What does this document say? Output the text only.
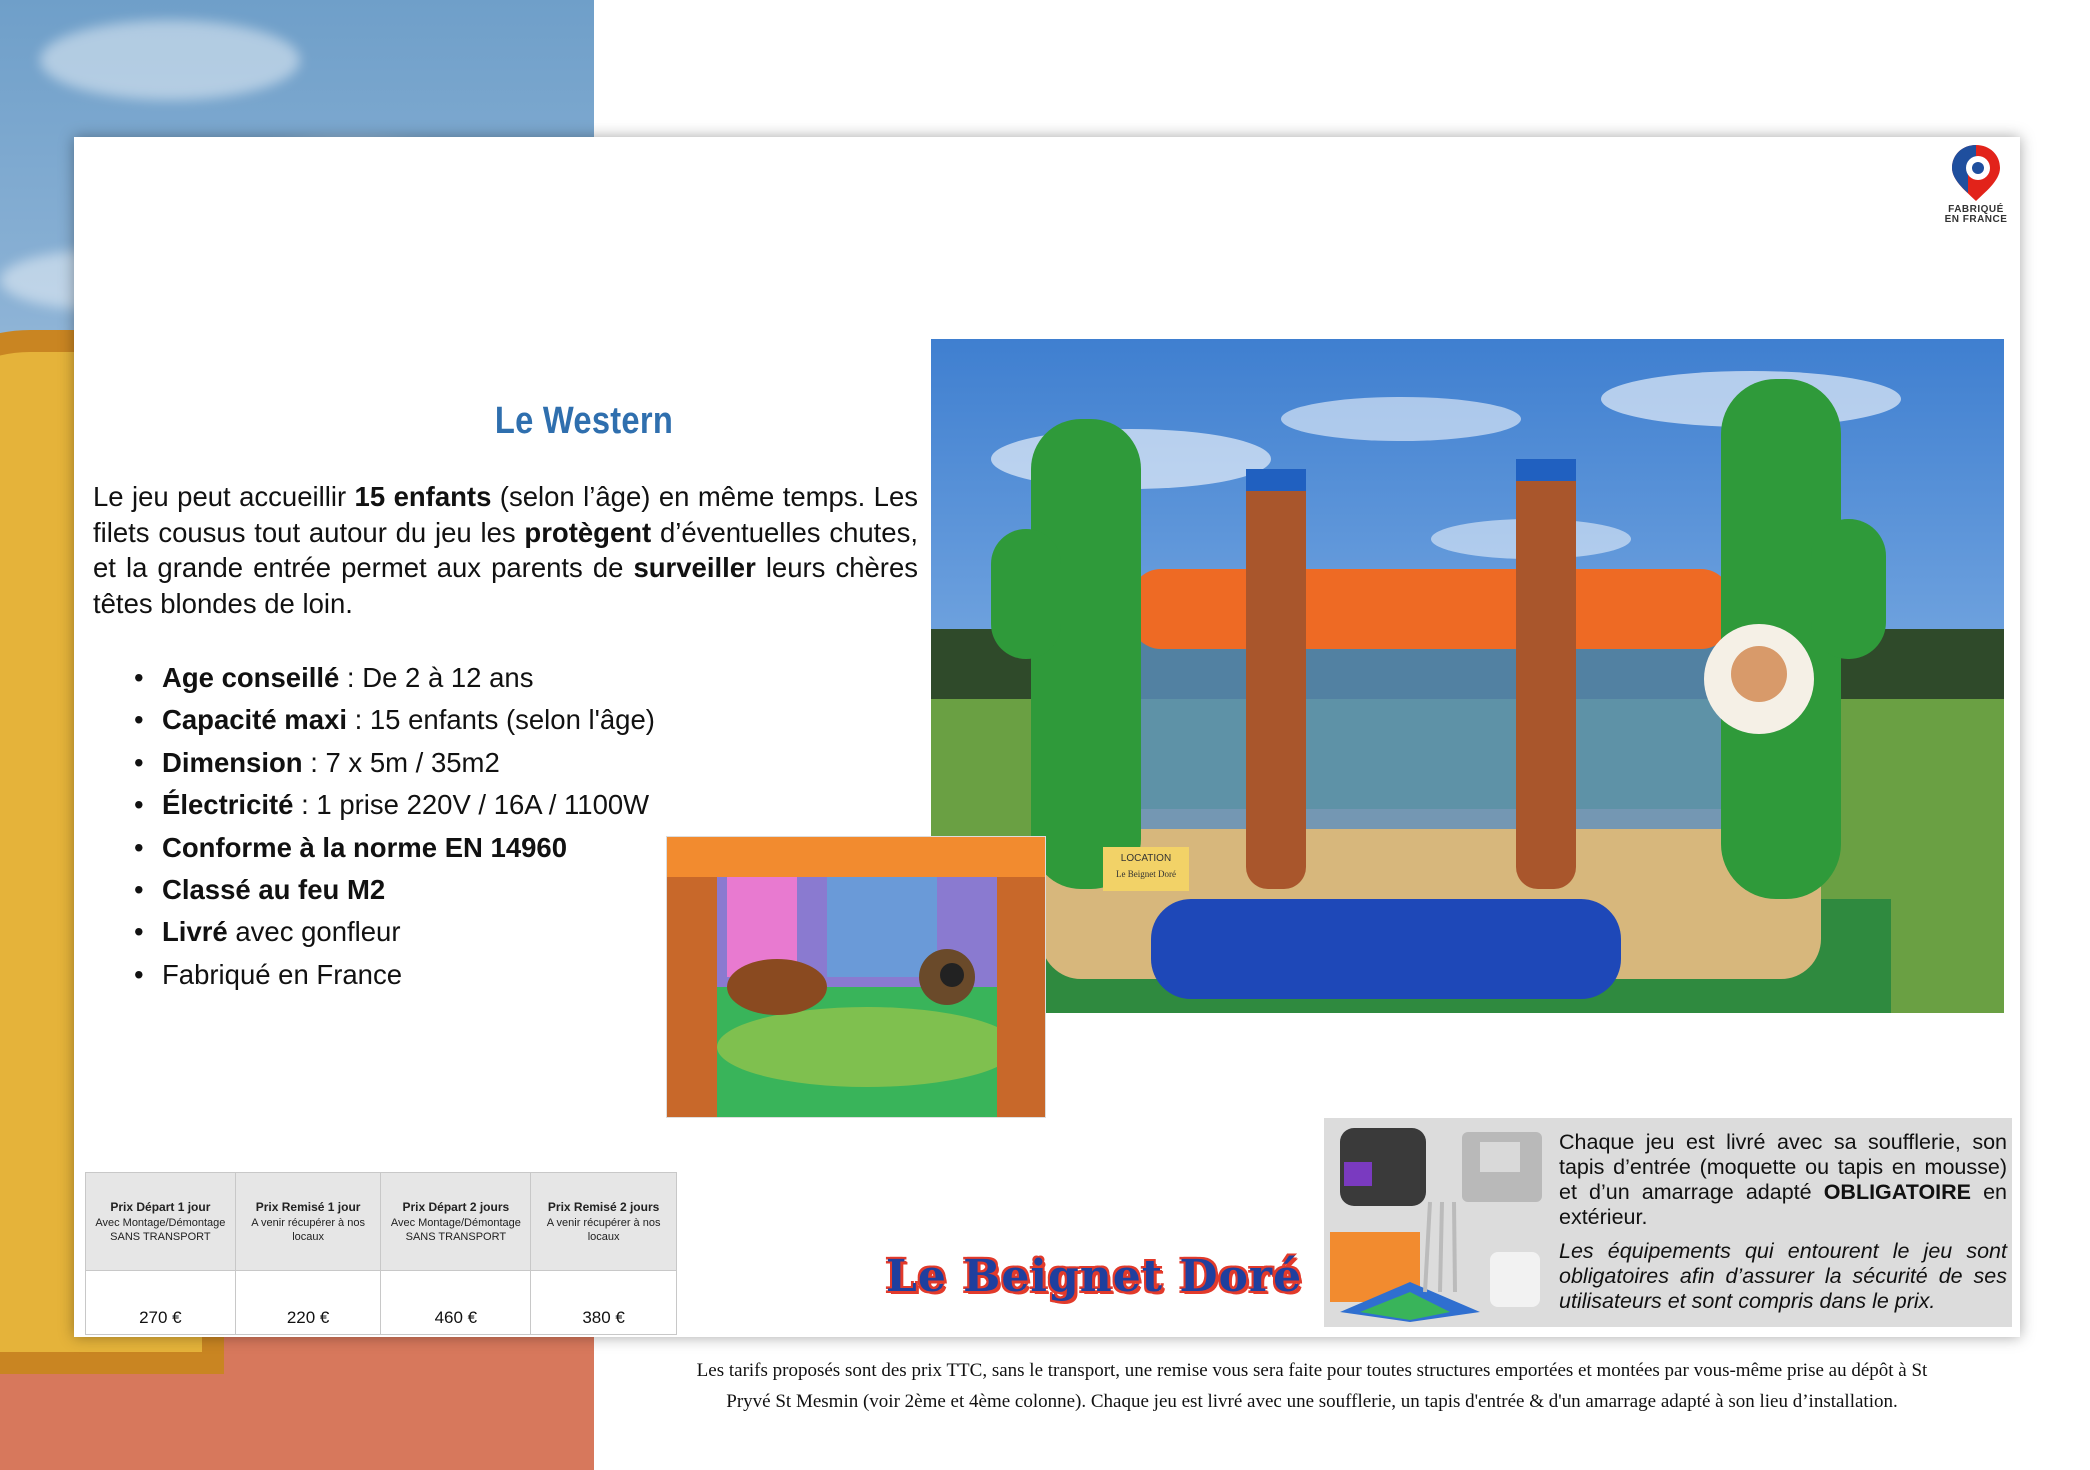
FABRIQUÉ
EN FRANCE
Le Western
Le jeu peut accueillir 15 enfants (selon l’âge) en même temps. Les filets cousus tout autour du jeu les protègent d’éventuelles chutes, et la grande entrée permet aux parents de surveiller leurs chères têtes blondes de loin.
• Age conseillé : De 2 à 12 ans
• Capacité maxi : 15 enfants (selon l'âge)
• Dimension : 7 x 5m / 35m2
• Électricité : 1 prise 220V / 16A / 1100W
• Conforme à la norme EN 14960
• Classé au feu M2
• Livré avec gonfleur
• Fabriqué en France
LOCATION
Le Beignet Doré
Prix Départ 1 jour
Avec Montage/Démontage
SANS TRANSPORT	Prix Remisé 1 jour
A venir récupérer à nos locaux	Prix Départ 2 jours
Avec Montage/Démontage
SANS TRANSPORT	Prix Remisé 2 jours
A venir récupérer à nos locaux

270 €	220 €	460 €	380 €
Le Beignet Doré
Chaque jeu est livré avec sa soufflerie, son tapis d’entrée (moquette ou tapis en mousse) et d’un amarrage adapté OBLIGATOIRE en extérieur.
Les équipements qui entourent le jeu sont obligatoires afin d’assurer la sécurité de ses utilisateurs et sont compris dans le prix.
Les tarifs proposés sont des prix TTC, sans le transport, une remise vous sera faite pour toutes structures emportées et montées par vous-même prise au dépôt à St
Pryvé St Mesmin (voir 2ème et 4ème colonne). Chaque jeu est livré avec une soufflerie, un tapis d'entrée & d'un amarrage adapté à son lieu d’installation.
